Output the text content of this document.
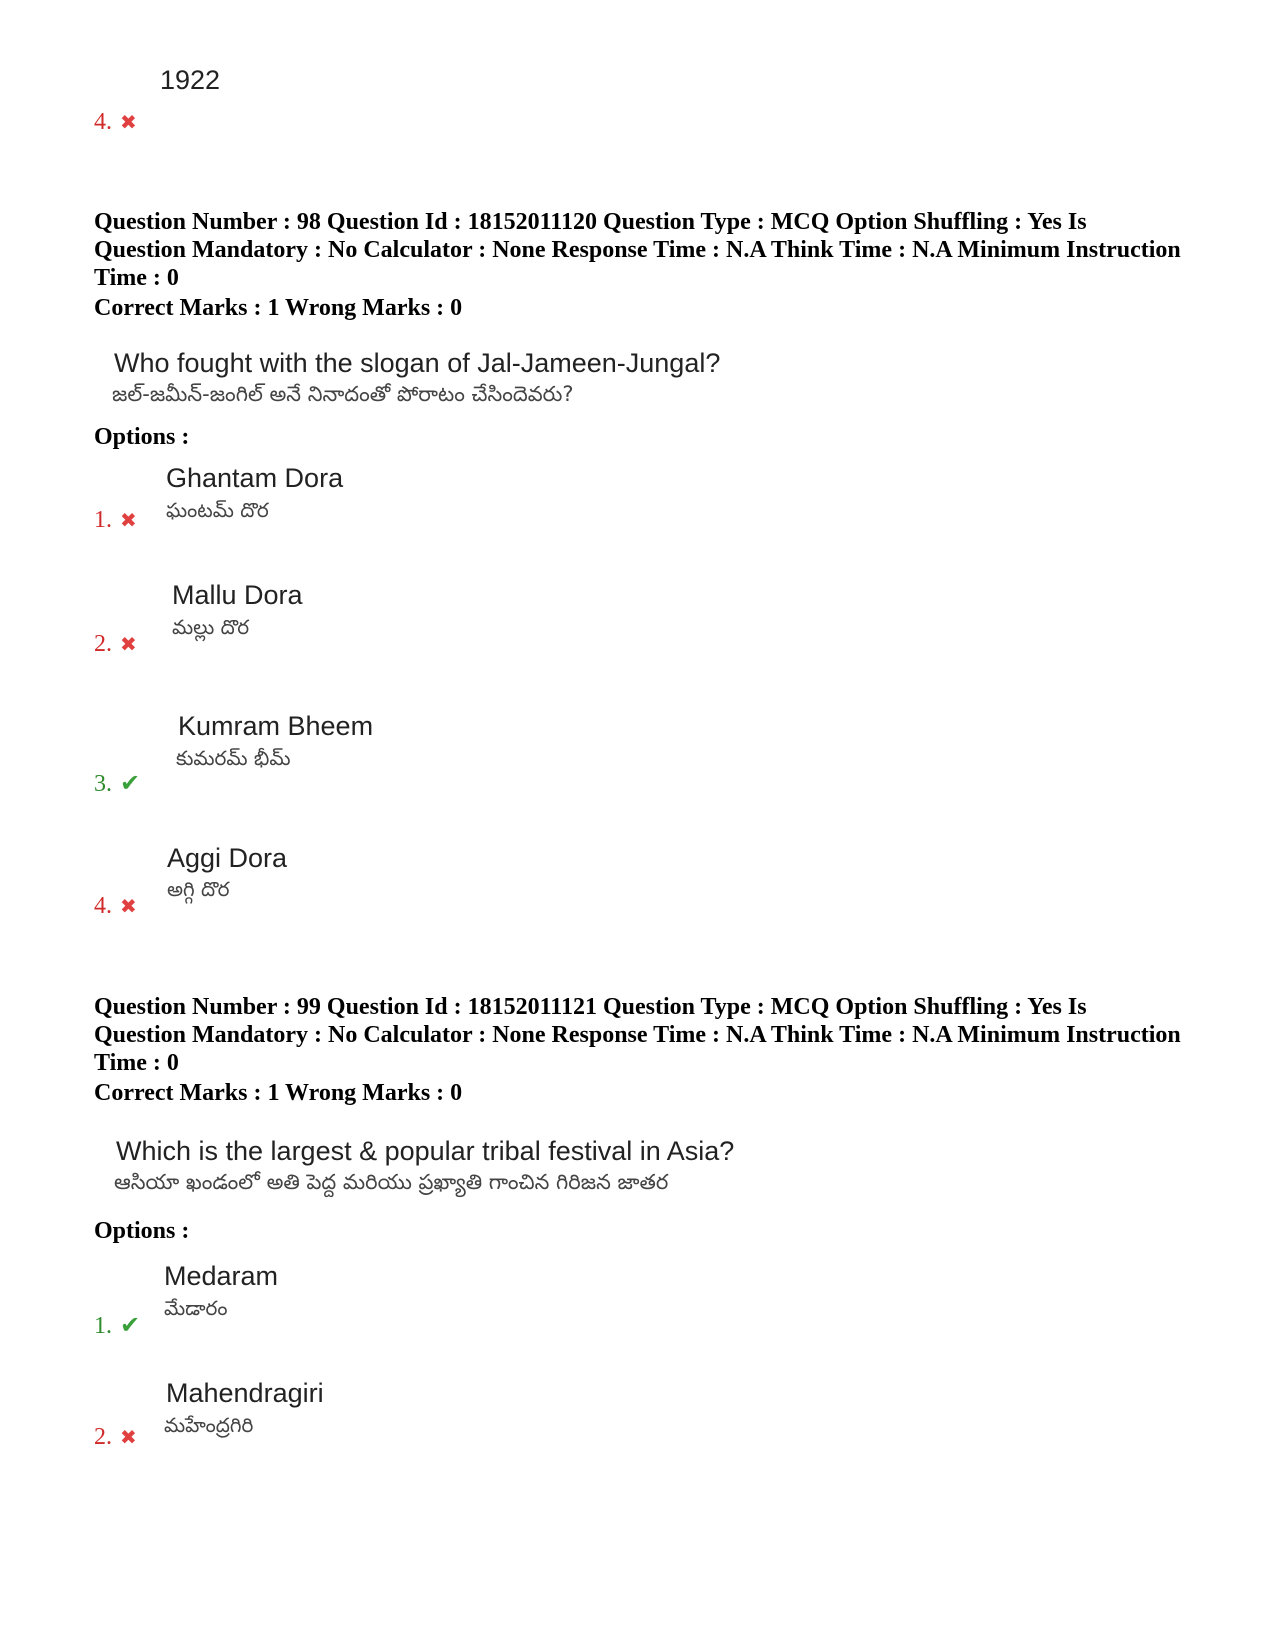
1922
4. ✖
Question Number : 98 Question Id : 18152011120 Question Type : MCQ Option Shuffling : Yes Is Question Mandatory : No Calculator : None Response Time : N.A Think Time : N.A Minimum Instruction Time : 0
Correct Marks : 1 Wrong Marks : 0
Who fought with the slogan of Jal-Jameen-Jungal?
జల్-జమీన్-జంగిల్ అనే నినాదంతో పోరాటం చేసిందెవరు?
Options :
Ghantam Dora
ఘంటమ్ దొర
1. ✖
Mallu Dora
మల్లు దొర
2. ✖
Kumram Bheem
కుమరమ్ భీమ్
3. ✔
Aggi Dora
అగ్గి దొర
4. ✖
Question Number : 99 Question Id : 18152011121 Question Type : MCQ Option Shuffling : Yes Is Question Mandatory : No Calculator : None Response Time : N.A Think Time : N.A Minimum Instruction Time : 0
Correct Marks : 1 Wrong Marks : 0
Which is the largest & popular tribal festival in Asia?
ఆసియా ఖండంలో అతి పెద్ద మరియు ప్రఖ్యాతి గాంచిన గిరిజన జాతర
Options :
Medaram
మేడారం
1. ✔
Mahendragiri
మహేంద్రగిరి
2. ✖
